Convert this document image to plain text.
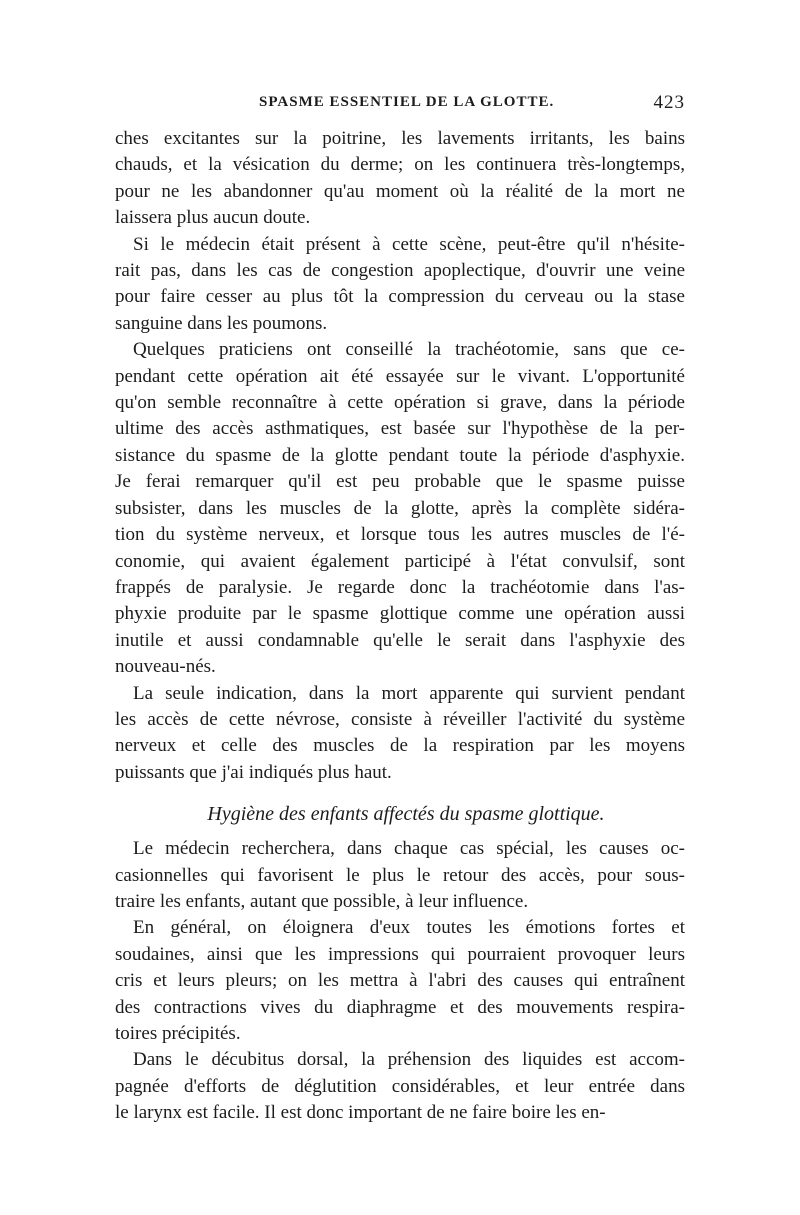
SPASME ESSENTIEL DE LA GLOTTE.	423

ches excitantes sur la poitrine, les lavements irritants, les bains
chauds, et la vésication du derme; on les continuera très-longtemps,
pour ne les abandonner qu'au moment où la réalité de la mort ne
laissera plus aucun doute.

Si le médecin était présent à cette scène, peut-être qu'il n'hésite-
rait pas, dans les cas de congestion apoplectique, d'ouvrir une veine
pour faire cesser au plus tôt la compression du cerveau ou la stase
sanguine dans les poumons.

Quelques praticiens ont conseillé la trachéotomie, sans que ce-
pendant cette opération ait été essayée sur le vivant. L'opportunité
qu'on semble reconnaître à cette opération si grave, dans la période
ultime des accès asthmatiques, est basée sur l'hypothèse de la per-
sistance du spasme de la glotte pendant toute la période d'asphyxie.
Je ferai remarquer qu'il est peu probable que le spasme puisse
subsister, dans les muscles de la glotte, après la complète sidéra-
tion du système nerveux, et lorsque tous les autres muscles de l'é-
conomie, qui avaient également participé à l'état convulsif, sont
frappés de paralysie. Je regarde donc la trachéotomie dans l'as-
phyxie produite par le spasme glottique comme une opération aussi
inutile et aussi condamnable qu'elle le serait dans l'asphyxie des
nouveau-nés.

La seule indication, dans la mort apparente qui survient pendant
les accès de cette névrose, consiste à réveiller l'activité du système
nerveux et celle des muscles de la respiration par les moyens
puissants que j'ai indiqués plus haut.

Hygiène des enfants affectés du spasme glottique.

Le médecin recherchera, dans chaque cas spécial, les causes oc-
casionnelles qui favorisent le plus le retour des accès, pour sous-
traire les enfants, autant que possible, à leur influence.

En général, on éloignera d'eux toutes les émotions fortes et
soudaines, ainsi que les impressions qui pourraient provoquer leurs
cris et leurs pleurs; on les mettra à l'abri des causes qui entraînent
des contractions vives du diaphragme et des mouvements respira-
toires précipités.

Dans le décubitus dorsal, la préhension des liquides est accom-
pagnée d'efforts de déglutition considérables, et leur entrée dans
le larynx est facile. Il est donc important de ne faire boire les en-
